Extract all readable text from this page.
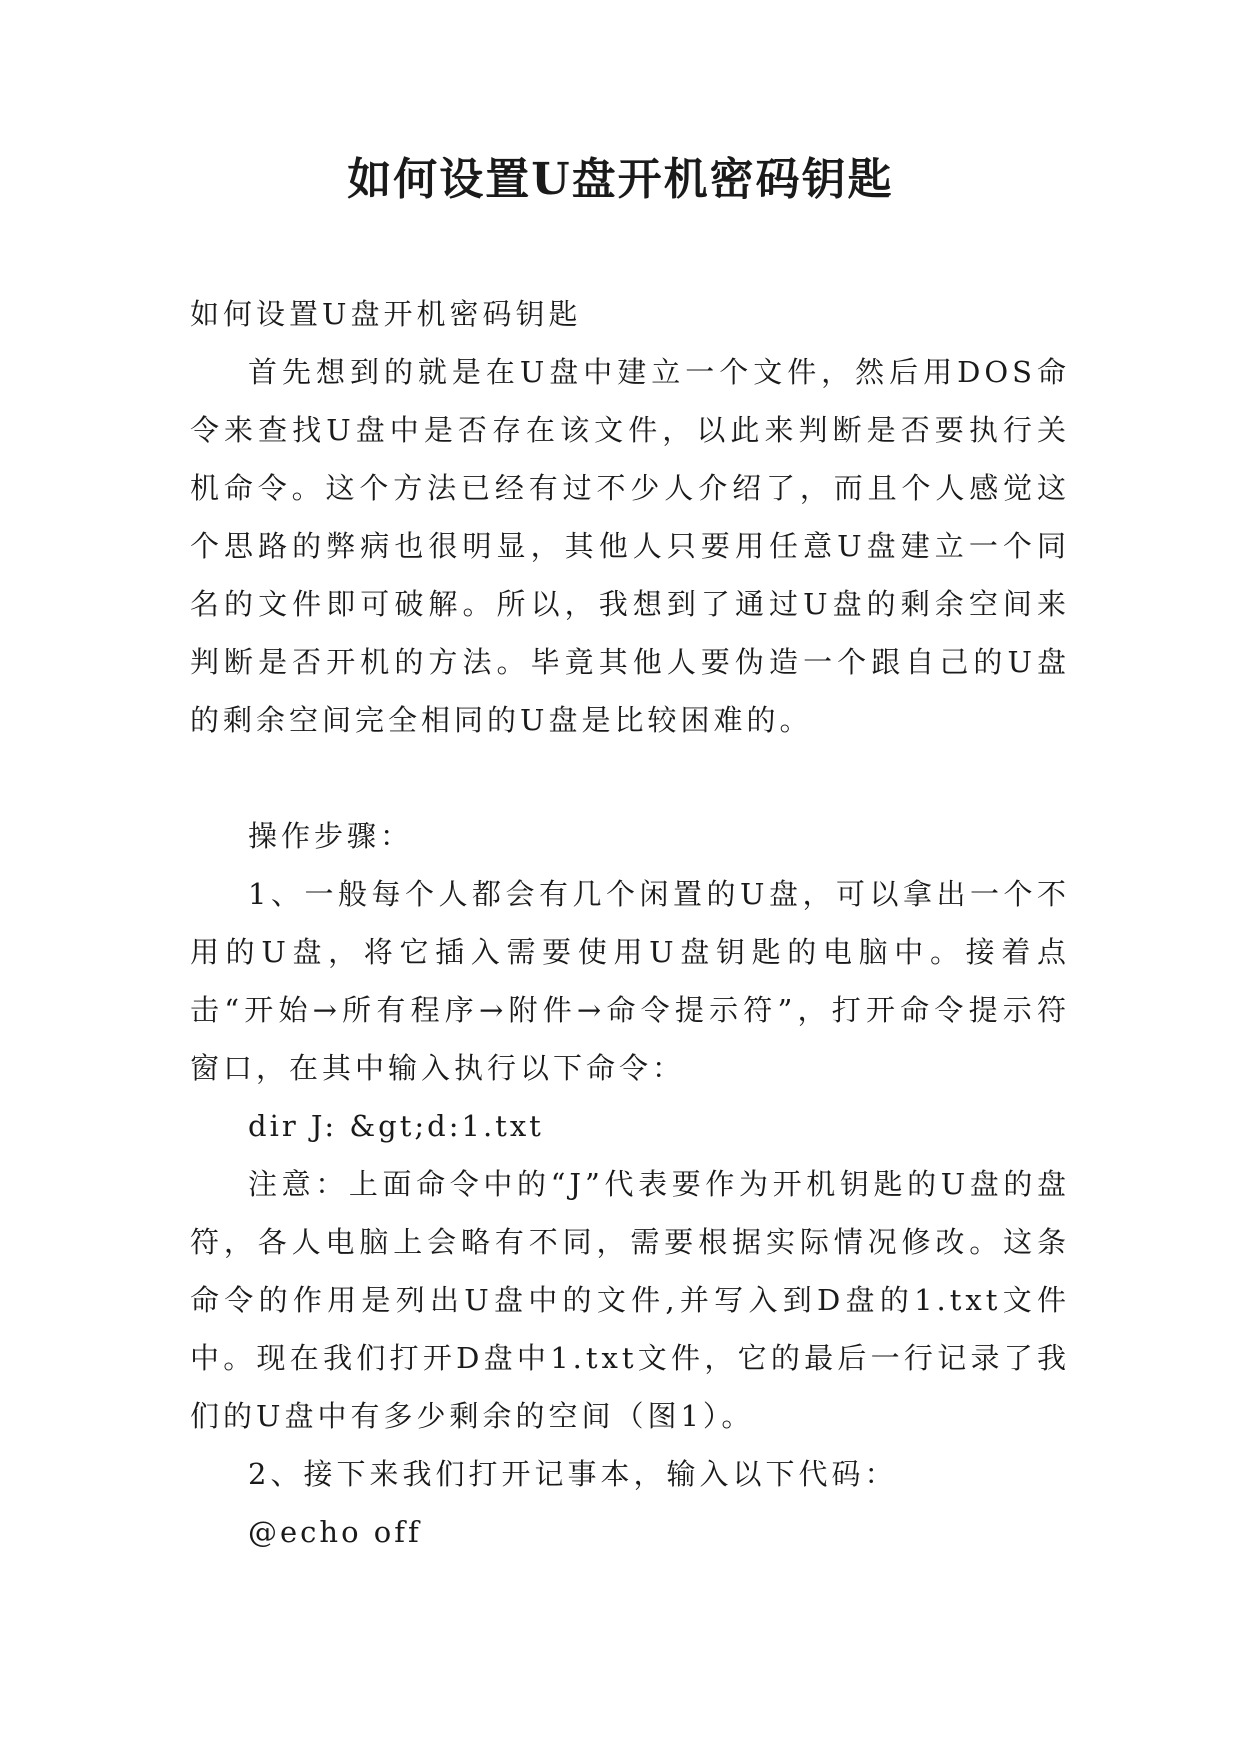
如何设置U盘开机密码钥匙

如何设置U盘开机密码钥匙

首先想到的就是在U盘中建立一个文件，然后用DOS命令来查找U盘中是否存在该文件，以此来判断是否要执行关机命令。这个方法已经有过不少人介绍了，而且个人感觉这个思路的弊病也很明显，其他人只要用任意U盘建立一个同名的文件即可破解。所以，我想到了通过U盘的剩余空间来判断是否开机的方法。毕竟其他人要伪造一个跟自己的U盘的剩余空间完全相同的U盘是比较困难的。

操作步骤：

1、一般每个人都会有几个闲置的U盘，可以拿出一个不用的U盘，将它插入需要使用U盘钥匙的电脑中。接着点击“开始→所有程序→附件→命令提示符”，打开命令提示符窗口，在其中输入执行以下命令：

dir J: &gt;d:1.txt

注意：上面命令中的“J”代表要作为开机钥匙的U盘的盘符，各人电脑上会略有不同，需要根据实际情况修改。这条命令的作用是列出U盘中的文件,并写入到D盘的1.txt文件中。现在我们打开D盘中1.txt文件，它的最后一行记录了我们的U盘中有多少剩余的空间（图1）。

2、接下来我们打开记事本，输入以下代码：

@echo off
